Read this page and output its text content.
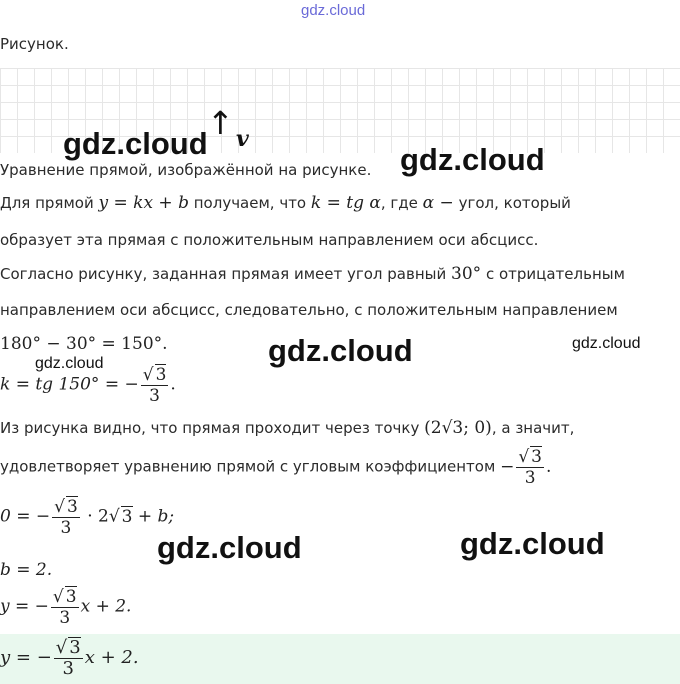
gdz.cloud
Рисунок.
↑ v
gdz.cloud	gdz.cloud
gdz.cloud	gdz.cloud
gdz.cloud
gdz.cloud	gdz.cloud
Уравнение прямой, изображённой на рисунке.
Для прямой y = kx + b получаем, что k = tg α, где α − угол, который
образует эта прямая с положительным направлением оси абсцисс.
Согласно рисунку, заданная прямая имеет угол равный 30° с отрицательным
направлением оси абсцисс, следовательно, с положительным направлением
180° − 30° = 150°.
k = tg 150° = − $\frac{√ 3}{3}$ .
Из рисунка видно, что прямая проходит через точку (2√3; 0), а значит,
удовлетворяет уравнению прямой с угловым коэффициентом − $\frac{√ 3}{3}$ .
0 = − $\frac{√ 3}{3} \cdot 2√$ 3 + b;
b = 2.
y = − $\frac{√ 3}{3}$ x + 2.
y = − $\frac{√ 3}{3}$ x + 2.
